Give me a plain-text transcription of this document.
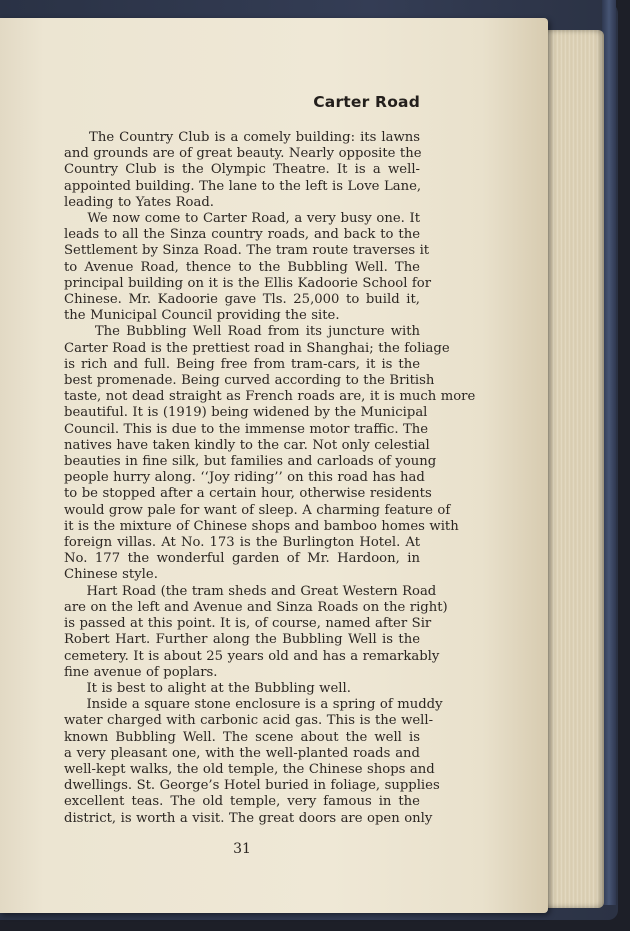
Carter Road
The Country Club is a comely building: its lawns
and grounds are of great beauty. Nearly opposite the
Country Club is the Olympic Theatre. It is a well-
appointed building. The lane to the left is Love Lane,
leading to Yates Road.
We now come to Carter Road, a very busy one. It
leads to all the Sinza country roads, and back to the
Settlement by Sinza Road. The tram route traverses it
to Avenue Road, thence to the Bubbling Well. The
principal building on it is the Ellis Kadoorie School for
Chinese. Mr. Kadoorie gave Tls. 25,000 to build it,
the Municipal Council providing the site.
The Bubbling Well Road from its juncture with
Carter Road is the prettiest road in Shanghai; the foliage
is rich and full. Being free from tram-cars, it is the
best promenade. Being curved according to the British
taste, not dead straight as French roads are, it is much more
beautiful. It is (1919) being widened by the Municipal
Council. This is due to the immense motor traffic. The
natives have taken kindly to the car. Not only celestial
beauties in fine silk, but families and carloads of young
people hurry along. ‘‘Joy riding’’ on this road has had
to be stopped after a certain hour, otherwise residents
would grow pale for want of sleep. A charming feature of
it is the mixture of Chinese shops and bamboo homes with
foreign villas. At No. 173 is the Burlington Hotel. At
No. 177 the wonderful garden of Mr. Hardoon, in
Chinese style.
Hart Road (the tram sheds and Great Western Road
are on the left and Avenue and Sinza Roads on the right)
is passed at this point. It is, of course, named after Sir
Robert Hart. Further along the Bubbling Well is the
cemetery. It is about 25 years old and has a remarkably
fine avenue of poplars.
It is best to alight at the Bubbling well.
Inside a square stone enclosure is a spring of muddy
water charged with carbonic acid gas. This is the well-
known Bubbling Well. The scene about the well is
a very pleasant one, with the well-planted roads and
well-kept walks, the old temple, the Chinese shops and
dwellings. St. George’s Hotel buried in foliage, supplies
excellent teas. The old temple, very famous in the
district, is worth a visit. The great doors are open only
31
